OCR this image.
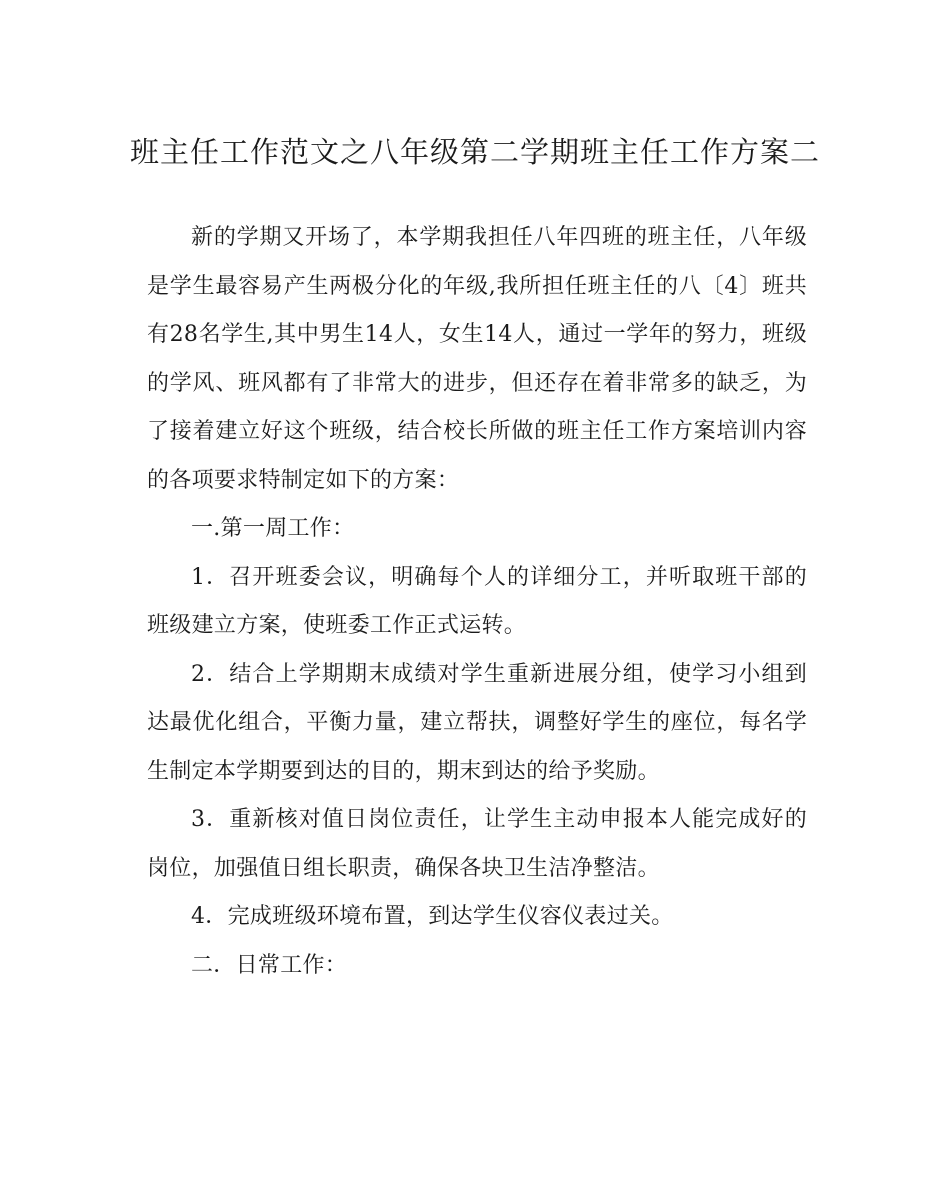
班主任工作范文之八年级第二学期班主任工作方案二

新的学期又开场了，本学期我担任八年四班的班主任，八年级是学生最容易产生两极分化的年级,我所担任班主任的八〔4〕班共有28名学生,其中男生14人，女生14人，通过一学年的努力，班级的学风、班风都有了非常大的进步，但还存在着非常多的缺乏，为了接着建立好这个班级，结合校长所做的班主任工作方案培训内容的各项要求特制定如下的方案：

一.第一周工作：

1．召开班委会议，明确每个人的详细分工，并听取班干部的班级建立方案，使班委工作正式运转。

2．结合上学期期末成绩对学生重新进展分组，使学习小组到达最优化组合，平衡力量，建立帮扶，调整好学生的座位，每名学生制定本学期要到达的目的，期末到达的给予奖励。

3．重新核对值日岗位责任，让学生主动申报本人能完成好的岗位，加强值日组长职责，确保各块卫生洁净整洁。

4．完成班级环境布置，到达学生仪容仪表过关。

二．日常工作：
